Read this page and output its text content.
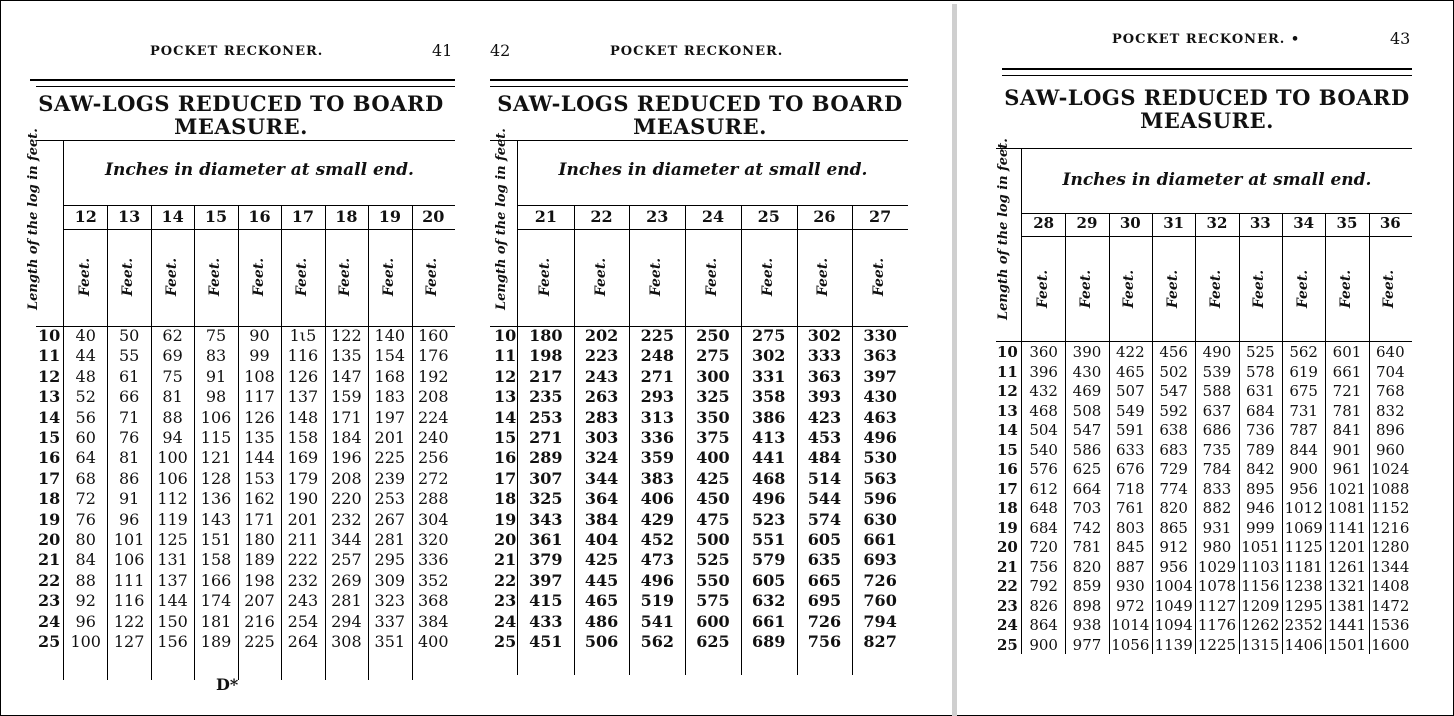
POCKET RECKONER.	41
SAW-LOGS REDUCED TO BOARD
MEASURE.
Inches in diameter at small end.
Length of the log in feet.	12	13	14	15	16	17	18	19	20
Feet. Feet. Feet. Feet. Feet. Feet. Feet. Feet. Feet.
10 40	50	62	75	90	1ι5 122 140 160
11 44	55	69	83	99	116 135 154 176
12 48	61	75	91	108 126 147 168 192
13 52	66	81	98	117 137 159 183 208
14 56	71	88	106 126 148 171 197 224
15 60	76	94	115 135 158 184 201 240
16 64	81	100 121 144 169 196 225 256
17 68	86	106 128 153 179 208 239 272
18 72	91	112 136 162 190 220 253 288
19 76	96	119 143 171 201 232 267 304
20 80	101 125 151 180 211 344 281 320
21 84	106 131 158 189 222 257 295 336
22 88	111 137 166 198 232 269 309 352
23 92	116 144 174 207 243 281 323 368
24 96	122 150 181 216 254 294 337 384
25 100 127 156 189 225 264 308 351 400
D*
42	POCKET RECKONER.
SAW-LOGS REDUCED TO BOARD
MEASURE.
Inches in diameter at small end.
Length of the log in feet.	21	22	23	24	25	26	27
Feet.	Feet.	Feet.	Feet.	Feet.	Feet.	Feet.
10 180	202	225	250	275	302	330
11 198	223	248	275	302	333	363
12 217	243	271	300	331	363	397
13 235	263	293	325	358	393	430
14 253	283	313	350	386	423	463
15 271	303	336	375	413	453	496
16 289	324	359	400	441	484	530
17 307	344	383	425	468	514	563
18 325	364	406	450	496	544	596
19 343	384	429	475	523	574	630
20 361	404	452	500	551	605	661
21 379	425	473	525	579	635	693
22 397	445	496	550	605	665	726
23 415	465	519	575	632	695	760
24 433	486	541	600	661	726	794
25 451	506	562	625	689	756	827
POCKET RECKONER. •	43
SAW-LOGS REDUCED TO BOARD
MEASURE.
Inches in diameter at small end.
Length of the log in feet.	28	29	30	31	32	33	34	35	36
Feet. Feet. Feet. Feet. Feet. Feet. Feet. Feet. Feet.
10 360 390 422 456 490 525 562 601 640
11 396 430 465 502 539 578 619 661 704
12 432 469 507 547 588 631 675 721 768
13 468 508 549 592 637 684 731 781 832
14 504 547 591 638 686 736 787 841 896
15 540 586 633 683 735 789 844 901 960
16 576 625 676 729 784 842 900 961 1024
17 612 664 718 774 833 895 956 1021 1088
18 648 703 761 820 882 946 1012 1081 1152
19 684 742 803 865 931 999 1069 1141 1216
20 720 781 845 912 980 1051 1125 1201 1280
21 756 820 887 956 1029 1103 1181 1261 1344
22 792 859 930 1004 1078 1156 1238 1321 1408
23 826 898 972 1049 1127 1209 1295 1381 1472
24 864 938 1014 1094 1176 1262 2352 1441 1536
25 900 977 1056 1139 1225 1315 1406 1501 1600
